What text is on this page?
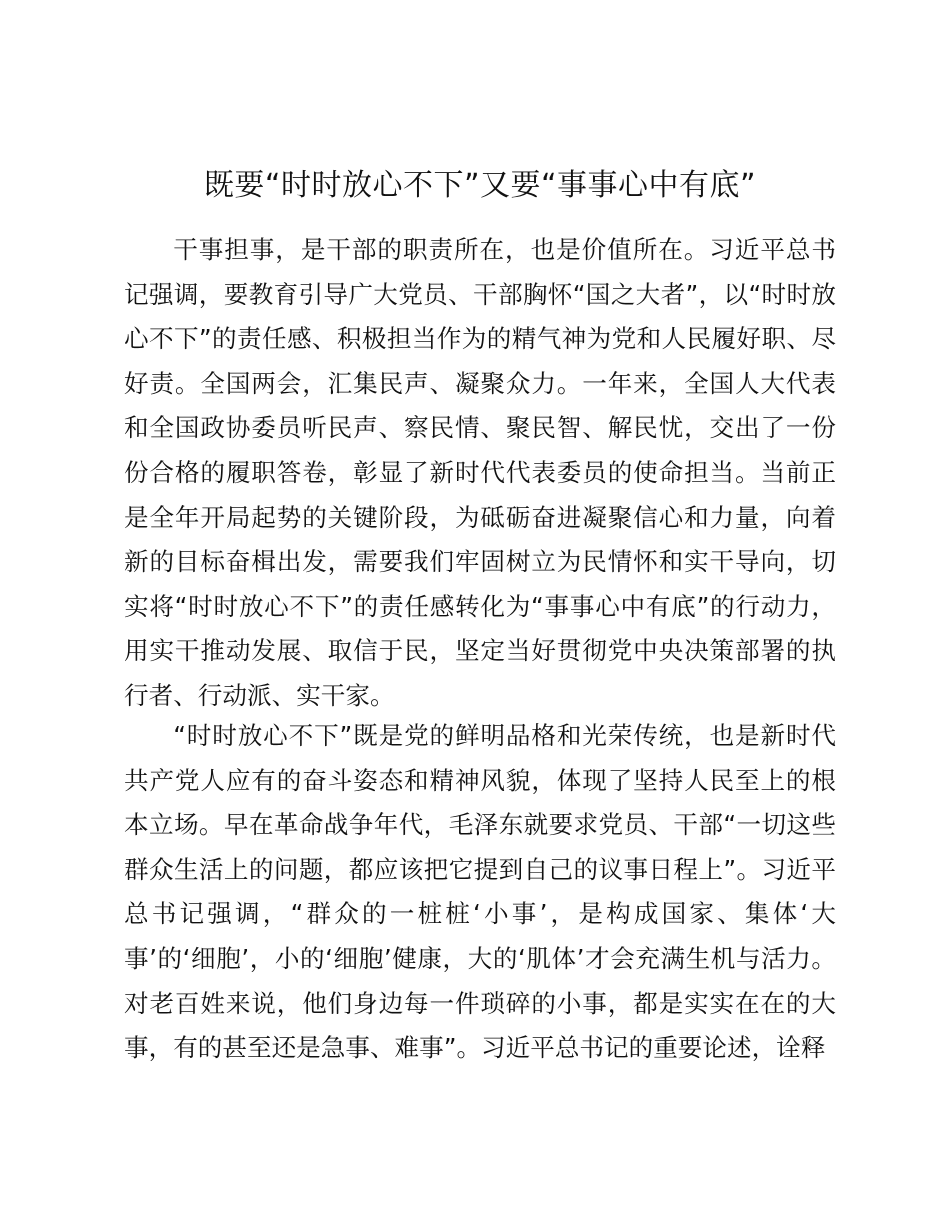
既要“时时放心不下”又要“事事心中有底”

干事担事，是干部的职责所在，也是价值所在。习近平总书记强调，要教育引导广大党员、干部胸怀“国之大者”，以“时时放心不下”的责任感、积极担当作为的精气神为党和人民履好职、尽好责。全国两会，汇集民声、凝聚众力。一年来，全国人大代表和全国政协委员听民声、察民情、聚民智、解民忧，交出了一份份合格的履职答卷，彰显了新时代代表委员的使命担当。当前正是全年开局起势的关键阶段，为砥砺奋进凝聚信心和力量，向着新的目标奋楫出发，需要我们牢固树立为民情怀和实干导向，切实将“时时放心不下”的责任感转化为“事事心中有底”的行动力，用实干推动发展、取信于民，坚定当好贯彻党中央决策部署的执行者、行动派、实干家。

“时时放心不下”既是党的鲜明品格和光荣传统，也是新时代共产党人应有的奋斗姿态和精神风貌，体现了坚持人民至上的根本立场。早在革命战争年代，毛泽东就要求党员、干部“一切这些群众生活上的问题，都应该把它提到自己的议事日程上”。习近平总书记强调，“群众的一桩桩‘小事’，是构成国家、集体‘大事’的‘细胞’，小的‘细胞’健康，大的‘肌体’才会充满生机与活力。对老百姓来说，他们身边每一件琐碎的小事，都是实实在在的大事，有的甚至还是急事、难事”。习近平总书记的重要论述，诠释
